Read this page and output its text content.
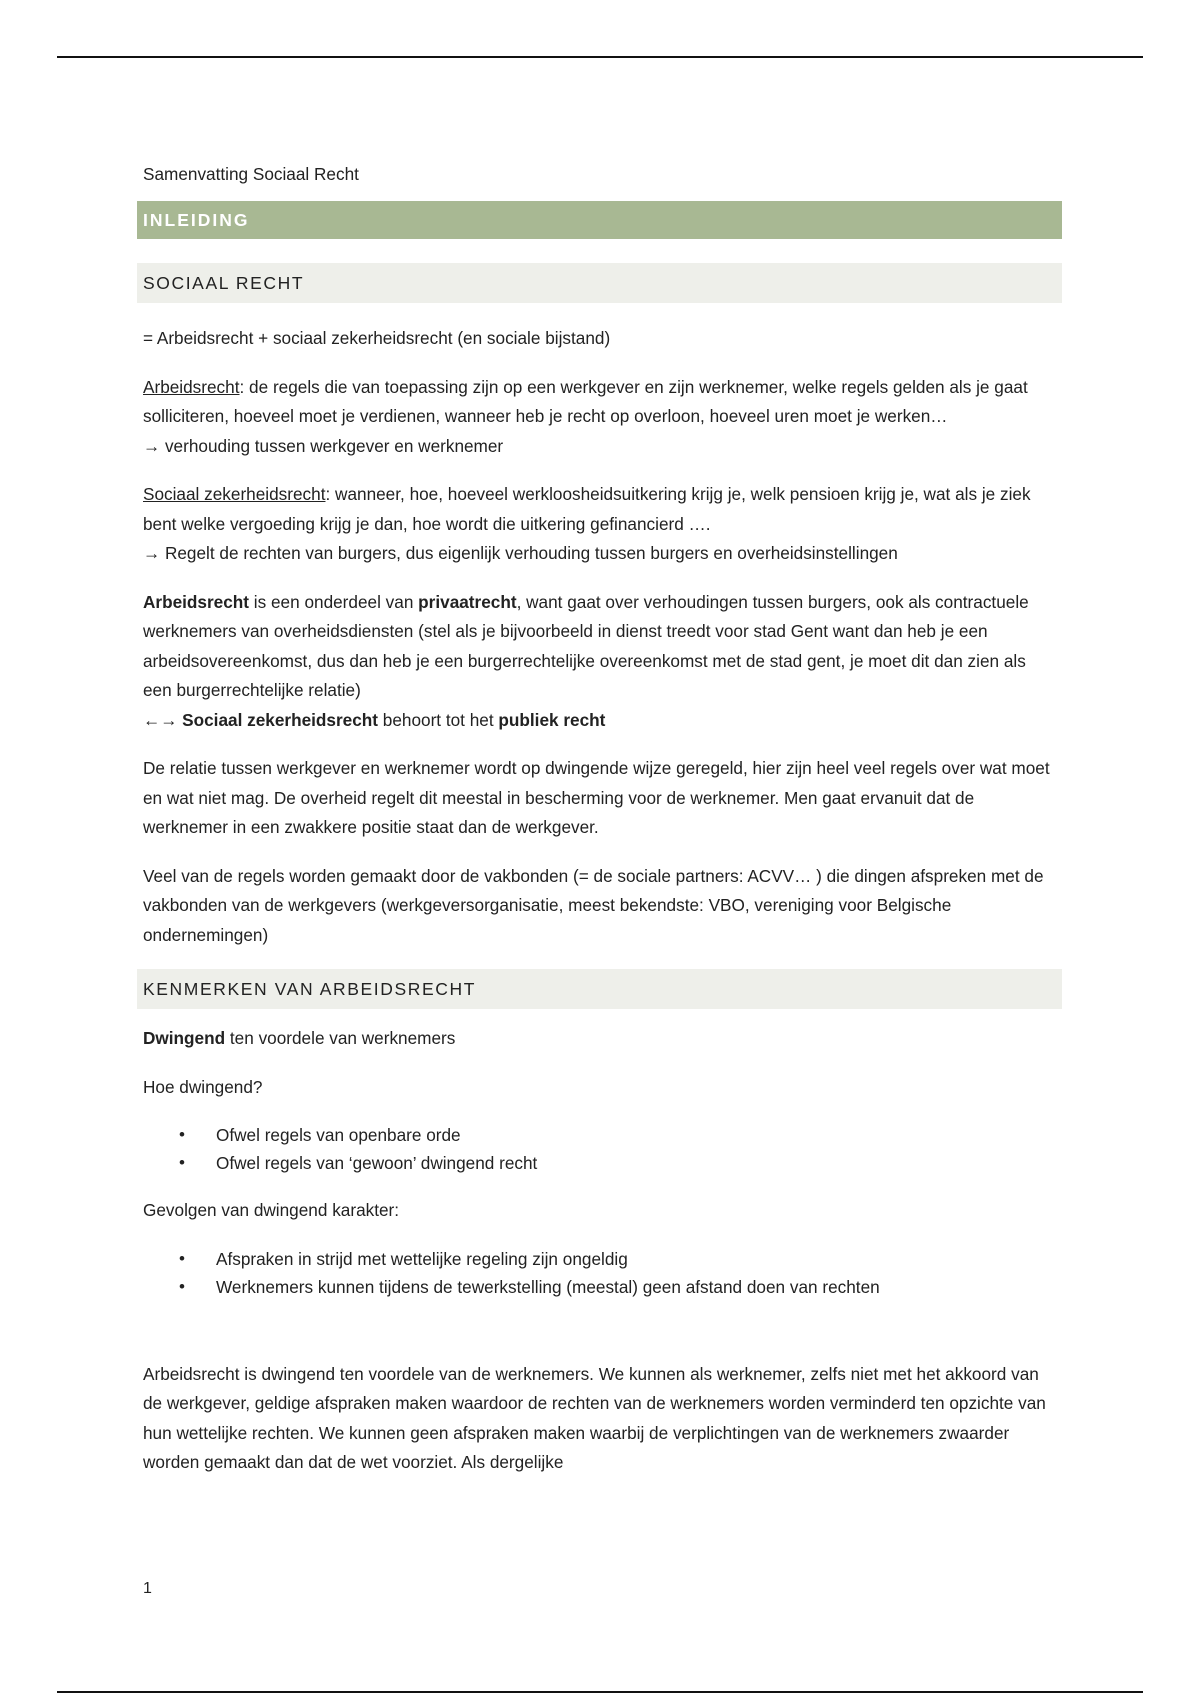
Samenvatting Sociaal Recht
INLEIDING
SOCIAAL RECHT

= Arbeidsrecht + sociaal zekerheidsrecht (en sociale bijstand)

Arbeidsrecht: de regels die van toepassing zijn op een werkgever en zijn werknemer, welke regels gelden als je gaat solliciteren, hoeveel moet je verdienen, wanneer heb je recht op overloon, hoeveel uren moet je werken…
→ verhouding tussen werkgever en werknemer

Sociaal zekerheidsrecht: wanneer, hoe, hoeveel werkloosheidsuitkering krijg je, welk pensioen krijg je, wat als je ziek bent welke vergoeding krijg je dan, hoe wordt die uitkering gefinancierd ….
→ Regelt de rechten van burgers, dus eigenlijk verhouding tussen burgers en overheidsinstellingen

Arbeidsrecht is een onderdeel van privaatrecht, want gaat over verhoudingen tussen burgers, ook als contractuele werknemers van overheidsdiensten (stel als je bijvoorbeeld in dienst treedt voor stad Gent want dan heb je een arbeidsovereenkomst, dus dan heb je een burgerrechtelijke overeenkomst met de stad gent, je moet dit dan zien als een burgerrechtelijke relatie)
←→ Sociaal zekerheidsrecht behoort tot het publiek recht

De relatie tussen werkgever en werknemer wordt op dwingende wijze geregeld, hier zijn heel veel regels over wat moet en wat niet mag. De overheid regelt dit meestal in bescherming voor de werknemer. Men gaat ervanuit dat de werknemer in een zwakkere positie staat dan de werkgever.

Veel van de regels worden gemaakt door de vakbonden (= de sociale partners: ACVV… ) die dingen afspreken met de vakbonden van de werkgevers (werkgeversorganisatie, meest bekendste: VBO, vereniging voor Belgische ondernemingen)

KENMERKEN VAN ARBEIDSRECHT

Dwingend ten voordele van werknemers

Hoe dwingend?

• Ofwel regels van openbare orde
• Ofwel regels van ‘gewoon’ dwingend recht

Gevolgen van dwingend karakter:

• Afspraken in strijd met wettelijke regeling zijn ongeldig
• Werknemers kunnen tijdens de tewerkstelling (meestal) geen afstand doen van rechten

Arbeidsrecht is dwingend ten voordele van de werknemers. We kunnen als werknemer, zelfs niet met het akkoord van de werkgever, geldige afspraken maken waardoor de rechten van de werknemers worden verminderd ten opzichte van hun wettelijke rechten. We kunnen geen afspraken maken waarbij de verplichtingen van de werknemers zwaarder worden gemaakt dan dat de wet voorziet. Als dergelijke

1
